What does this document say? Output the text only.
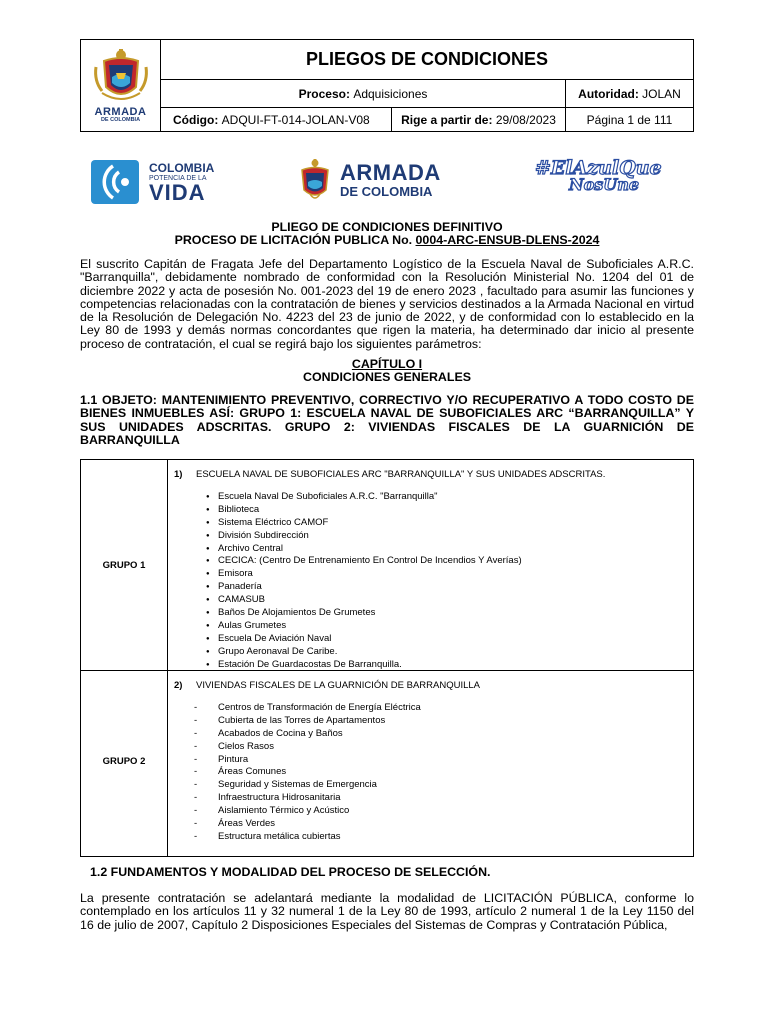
ARMADA
DE COLOMBIA
PLIEGOS DE CONDICIONES
Proceso:
Adquisiciones	Autoridad:
JOLAN
Código:
ADQUI-FT-014-JOLAN-V08	Rige a partir de:
29/08/2023	Página 1 de 111
COLOMBIA
POTENCIA DE LA
VIDA
ARMADA
DE COLOMBIA
#ElAzulQue
NosUne
PLIEGO DE CONDICIONES DEFINITIVO
PROCESO DE LICITACIÓN PUBLICA No. 0004-ARC-ENSUB-DLENS-2024
El suscrito Capitán de Fragata Jefe del Departamento Logístico de la Escuela Naval de Suboficiales A.R.C. "Barranquilla", debidamente nombrado de conformidad con la Resolución Ministerial No. 1204 del 01 de diciembre 2022 y acta de posesión No. 001-2023 del 19 de enero 2023 , facultado para asumir las funciones y competencias relacionadas con la contratación de bienes y servicios destinados a la Armada Nacional en virtud de la Resolución de Delegación No. 4223 del 23 de junio de 2022, y de conformidad con lo establecido en la Ley 80 de 1993 y demás normas concordantes que rigen la materia, ha determinado dar inicio al presente proceso de contratación, el cual se regirá bajo los siguientes parámetros:
CAPÍTULO I
CONDICIONES GENERALES
1.1 OBJETO: MANTENIMIENTO PREVENTIVO, CORRECTIVO Y/O RECUPERATIVO A TODO COSTO DE BIENES INMUEBLES ASÍ: GRUPO 1: ESCUELA NAVAL DE SUBOFICIALES ARC “BARRANQUILLA” Y SUS UNIDADES ADSCRITAS. GRUPO 2: VIVIENDAS FISCALES DE LA GUARNICIÓN DE BARRANQUILLA
GRUPO 1
1) ESCUELA NAVAL DE SUBOFICIALES ARC "BARRANQUILLA" Y SUS UNIDADES ADSCRITAS.
● Escuela Naval De Suboficiales A.R.C. "Barranquilla"
● Biblioteca
● Sistema Eléctrico CAMOF
● División Subdirección
● Archivo Central
● CECICA: (Centro De Entrenamiento En Control De Incendios Y Averías)
● Emisora
● Panadería
● CAMASUB
● Baños De Alojamientos De Grumetes
● Aulas Grumetes
● Escuela De Aviación Naval
● Grupo Aeronaval De Caribe.
● Estación De Guardacostas De Barranquilla.
GRUPO 2
2) VIVIENDAS FISCALES DE LA GUARNICIÓN DE BARRANQUILLA
- Centros de Transformación de Energía Eléctrica
- Cubierta de las Torres de Apartamentos
- Acabados de Cocina y Baños
- Cielos Rasos
- Pintura
- Áreas Comunes
- Seguridad y Sistemas de Emergencia
- Infraestructura Hidrosanitaria
- Aislamiento Térmico y Acústico
- Áreas Verdes
- Estructura metálica cubiertas
1.2 FUNDAMENTOS Y MODALIDAD DEL PROCESO DE SELECCIÓN.
La presente contratación se adelantará mediante la modalidad de LICITACIÓN PÚBLICA, conforme lo contemplado en los artículos 11 y 32 numeral 1 de la Ley 80 de 1993, artículo 2 numeral 1 de la Ley 1150 del 16 de julio de 2007, Capítulo 2 Disposiciones Especiales del Sistemas de Compras y Contratación Pública,
